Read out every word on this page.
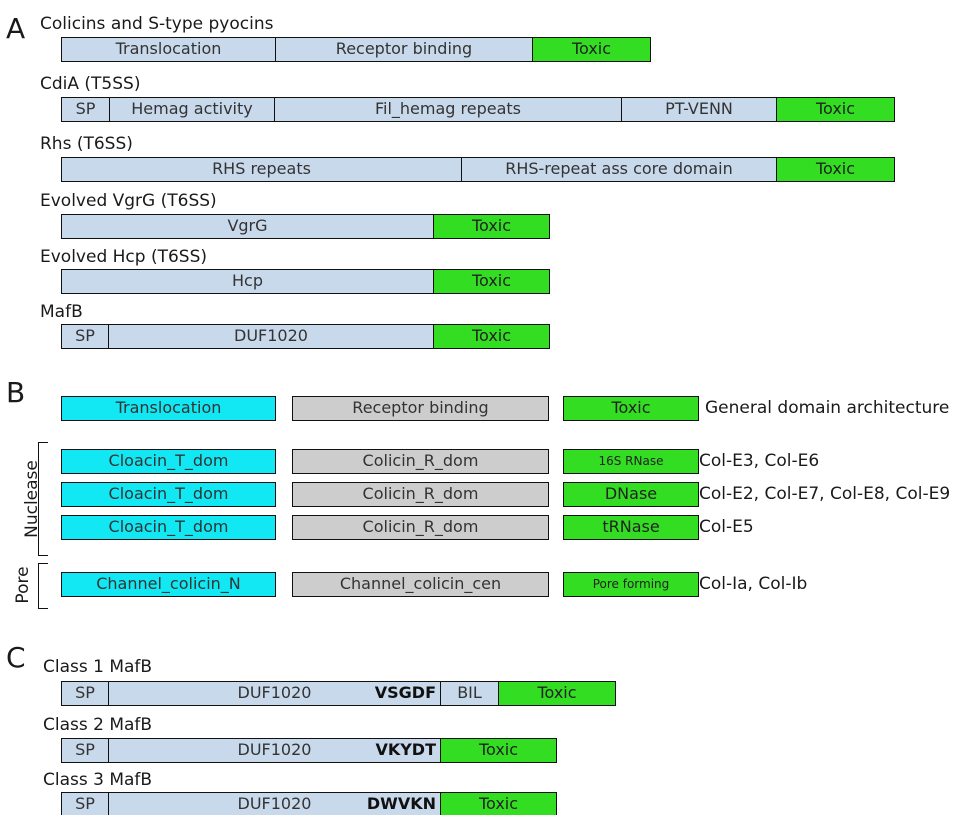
A Colicins and S-type pyocins
Translocation	Receptor binding	Toxic
CdiA (T5SS)
SP	Hemag activity	Fil_hemag repeats	PT-VENN	Toxic
Rhs (T6SS)
RHS repeats	RHS-repeat ass core domain	Toxic
Evolved VgrG (T6SS)
VgrG	Toxic
Evolved Hcp (T6SS)
Hcp	Toxic
MafB
SP	DUF1020	Toxic
B	Translocation	Receptor binding	Toxic	General domain architecture
Nuclease	Cloacin_T_dom	Colicin_R_dom	16S RNase	Col-E3, Col-E6
Cloacin_T_dom	Colicin_R_dom	DNase	Col-E2, Col-E7, Col-E8, Col-E9
Cloacin_T_dom	Colicin_R_dom	tRNase	Col-E5
Pore	Channel_colicin_N	Channel_colicin_cen	Pore forming	Col-Ia, Col-Ib
C Class 1 MafB
SP	DUF1020	VSGDF	BIL	Toxic
Class 2 MafB
SP	DUF1020	VKYDT	Toxic
Class 3 MafB
SP	DUF1020	DWVKN	Toxic
